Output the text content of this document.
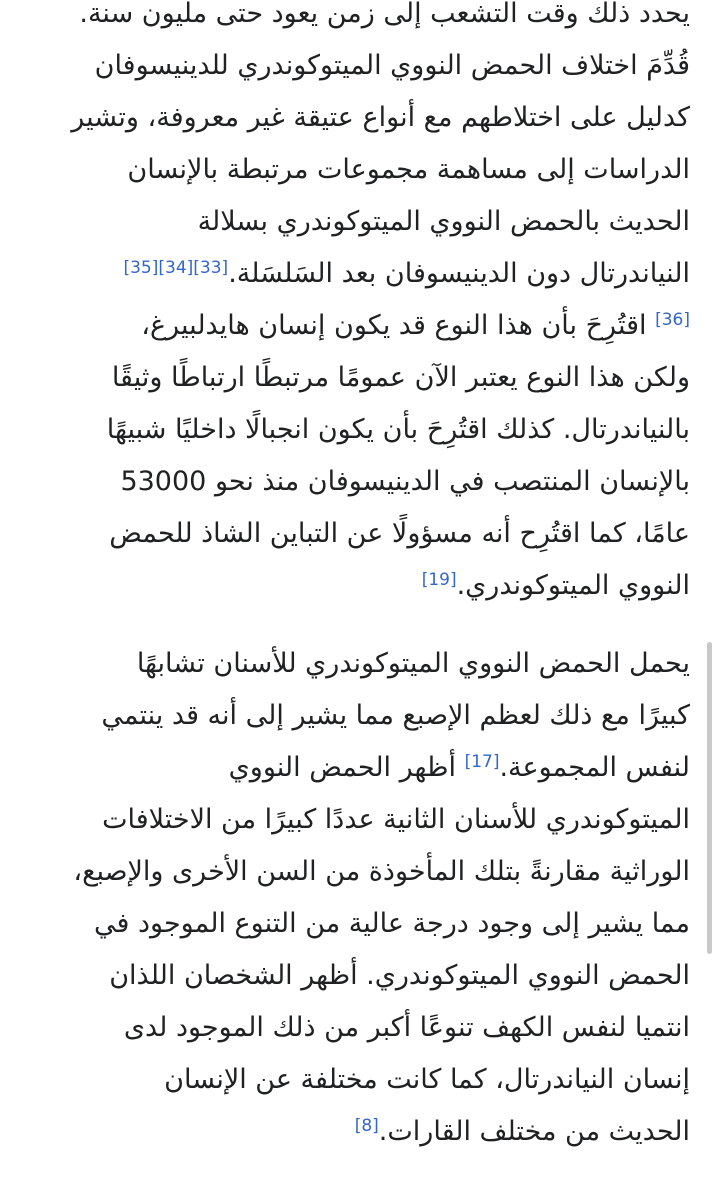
يحدد ذلك وقت التشعب إلى زمن يعود حتى مليون سنة.
قُدِّمَ اختلاف الحمض النووي الميتوكوندري للدينيسوفان
كدليل على اختلاطهم مع أنواع عتيقة غير معروفة، وتشير
الدراسات إلى مساهمة مجموعات مرتبطة بالإنسان
الحديث بالحمض النووي الميتوكوندري بسلالة
النياندرتال دون الدينيسوفان بعد السَلسَلة.[33][34][35]
[36] اقتُرِحَ بأن هذا النوع قد يكون إنسان هايدلبيرغ،
ولكن هذا النوع يعتبر الآن عمومًا مرتبطًا ارتباطًا وثيقًا
بالنياندرتال. كذلك اقتُرِحَ بأن يكون انجبالًا داخليًا شبيهًا
بالإنسان المنتصب في الدينيسوفان منذ نحو 53000
عامًا، كما اقتُرِح أنه مسؤولًا عن التباين الشاذ للحمض
النووي الميتوكوندري.[19]
يحمل الحمض النووي الميتوكوندري للأسنان تشابهًا
كبيرًا مع ذلك لعظم الإصبع مما يشير إلى أنه قد ينتمي
لنفس المجموعة.[17] أظهر الحمض النووي
الميتوكوندري للأسنان الثانية عددًا كبيرًا من الاختلافات
الوراثية مقارنةً بتلك المأخوذة من السن الأخرى والإصبع،
مما يشير إلى وجود درجة عالية من التنوع الموجود في
الحمض النووي الميتوكوندري. أظهر الشخصان اللذان
انتميا لنفس الكهف تنوعًا أكبر من ذلك الموجود لدى
إنسان النياندرتال، كما كانت مختلفة عن الإنسان
الحديث من مختلف القارات.[8]
